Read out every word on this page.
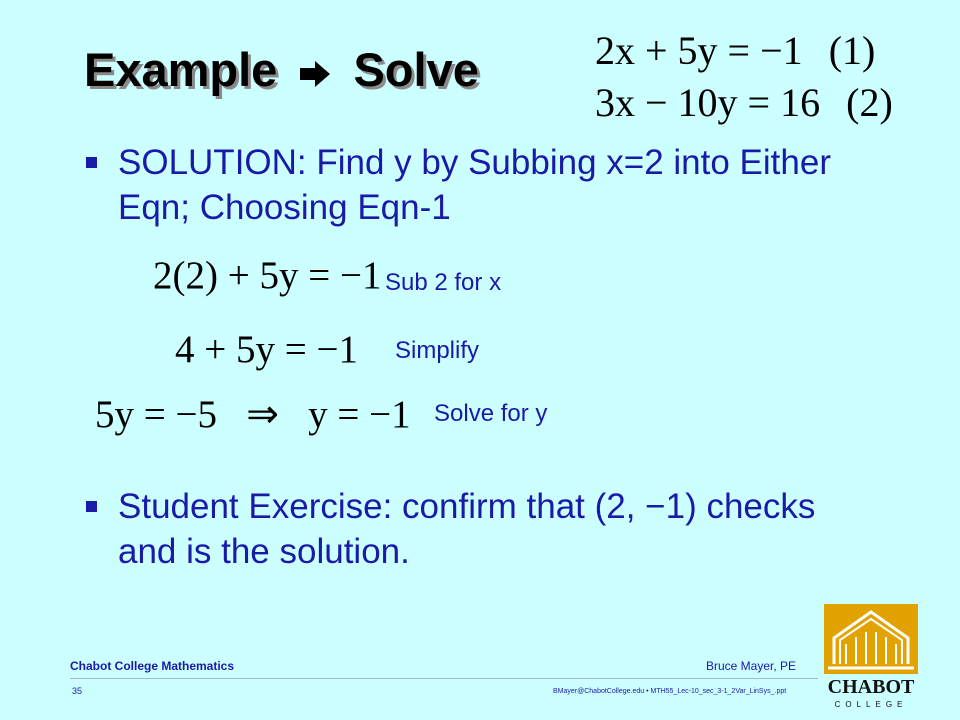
Example Solve	2x + 5y = −1 (1)
3x − 10y = 16 (2)
SOLUTION: Find y by Subbing x=2 into Either Eqn; Choosing Eqn-1
2(2) + 5y = −1 Sub 2 for x
4 + 5y = −1 Simplify
5y = −5   ⇒   y = −1 Solve for y
Student Exercise: confirm that (2, −1) checks and is the solution.
Chabot College Mathematics	Bruce Mayer, PE
35	BMayer@ChabotCollege.edu • MTH55_Lec-10_sec_3-1_2Var_LinSys_.ppt CHABOT
COLLEGE
